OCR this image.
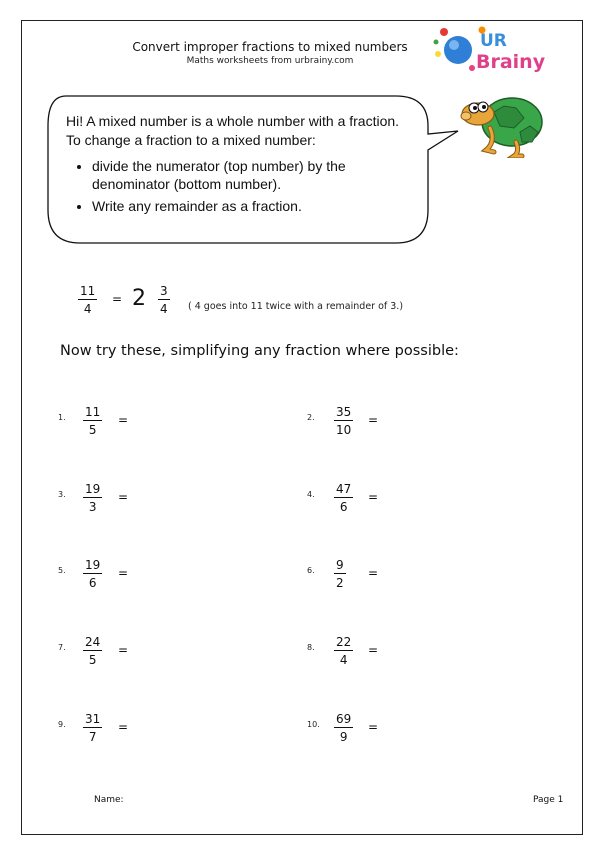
Convert improper fractions to mixed numbers
Maths worksheets from urbrainy.com
UR
Brainy
Hi! A mixed number is a whole number with a fraction. To change a fraction to a mixed number:
• divide the numerator (top number) by the denominator (bottom number).
• Write any remainder as a fraction.
$\frac{11}{4} = 2 \frac{3}{4}$ ( 4 goes into 11 twice with a remainder of 3.)
Now try these, simplifying any fraction where possible:
1. $\frac{11}{5}$ =	2. $\frac{35}{10}$ =
3. $\frac{19}{3}$ =	4. $\frac{47}{6}$ =
5. $\frac{19}{6}$ =	6. $\frac{9}{2}$ =
7. $\frac{24}{5}$ =	8. $\frac{22}{4}$ =
9. $\frac{31}{7}$ =	10. $\frac{69}{9}$ =
Name:	Page 1
